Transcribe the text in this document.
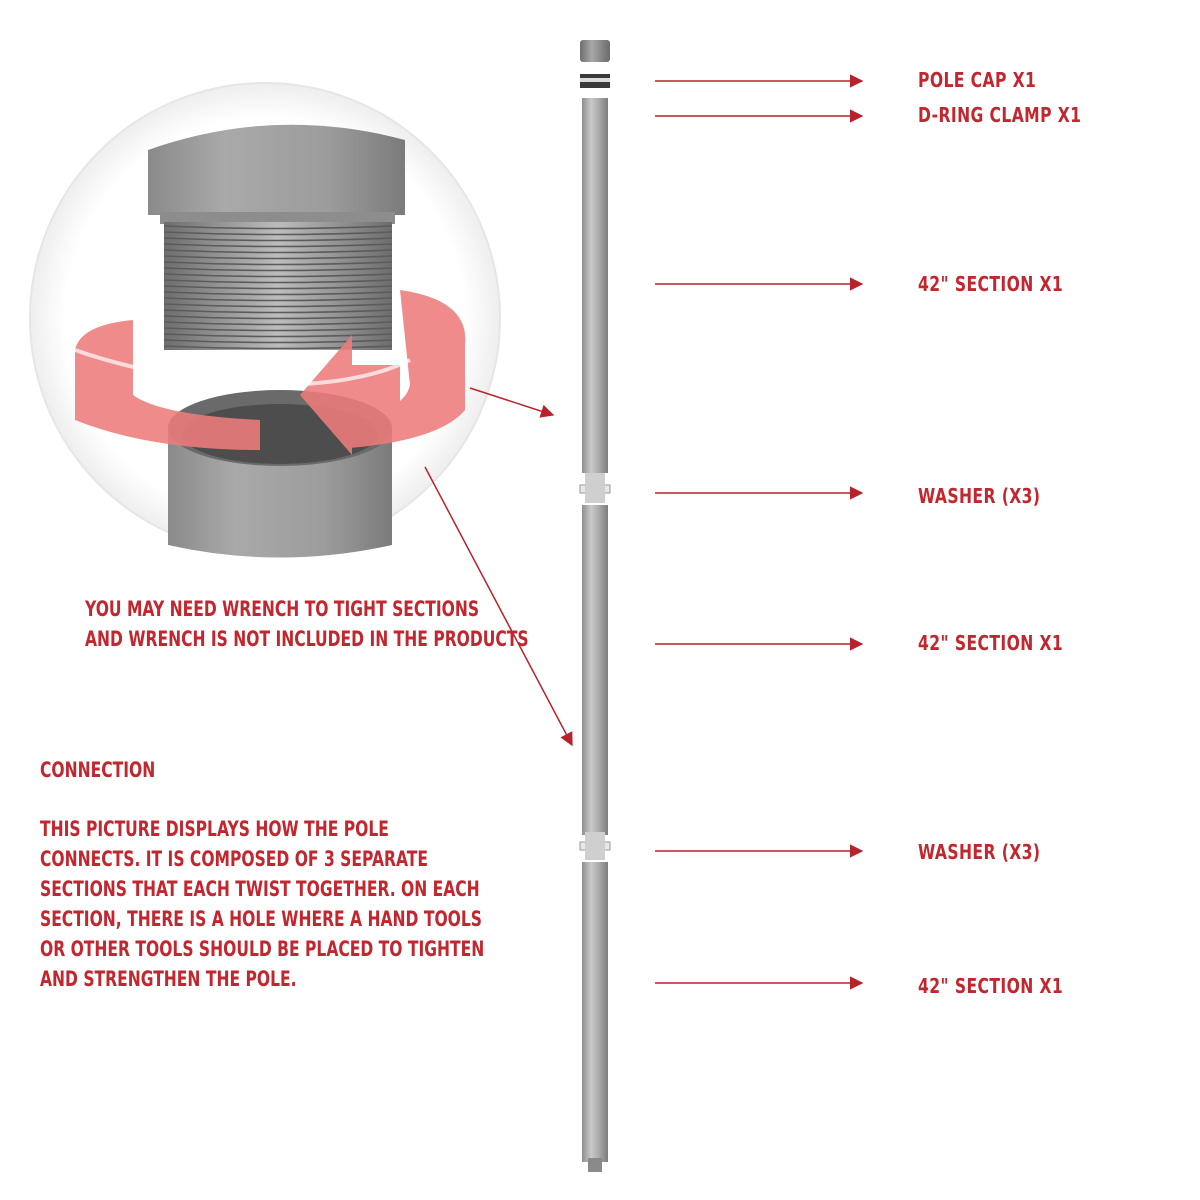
POLE CAP X1
D-RING CLAMP X1
42" SECTION X1
WASHER (X3)
42" SECTION X1
WASHER (X3)
42" SECTION X1
YOU MAY NEED WRENCH TO TIGHT SECTIONS
AND WRENCH IS NOT INCLUDED IN THE PRODUCTS
CONNECTION
THIS PICTURE DISPLAYS HOW THE POLE
CONNECTS. IT IS COMPOSED OF 3 SEPARATE
SECTIONS THAT EACH TWIST TOGETHER. ON EACH
SECTION, THERE IS A HOLE WHERE A HAND TOOLS
OR OTHER TOOLS SHOULD BE PLACED TO TIGHTEN
AND STRENGTHEN THE POLE.
